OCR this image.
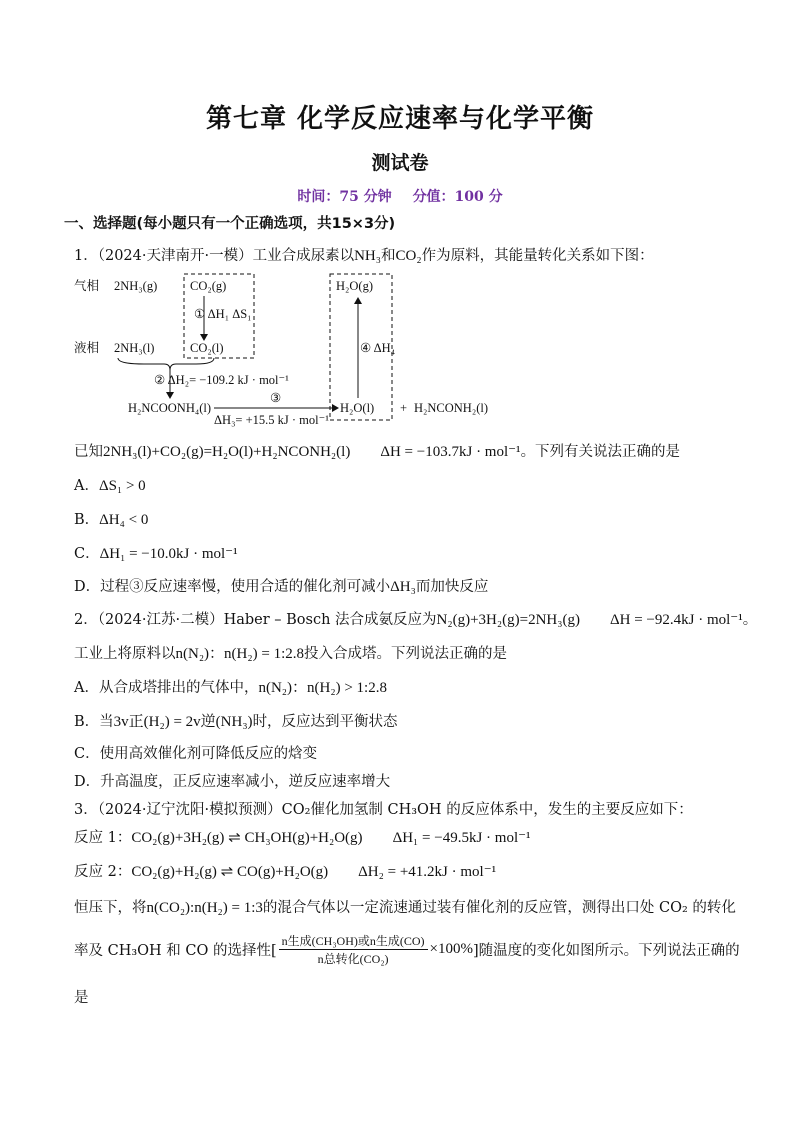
第七章 化学反应速率与化学平衡
测试卷
时间：75 分钟 分值：100 分
一、选择题(每小题只有一个正确选项，共15×3分)
1．（2024·天津南开·一模）工业合成尿素以NH₃和CO₂作为原料，其能量转化关系如下图：
气相
液相
2NH₃(g)
2NH₃(l)
CO₂(g)
CO₂(l)
① ΔH₁ ΔS₁
② ΔH₂= −109.2 kJ · mol⁻¹
H₂NCOONH₄(l)
③
ΔH₃= +15.5 kJ · mol⁻¹
H₂O(g)
H₂O(l)
④ ΔH₄
+ H₂NCONH₂(l)
已知2NH₃(l)+CO₂(g)=H₂O(l)+H₂NCONH₂(l) ΔH = −103.7kJ · mol⁻¹。下列有关说法正确的是
A．ΔS₁ > 0
B．ΔH₄ < 0
C．ΔH₁ = −10.0kJ · mol⁻¹
D．过程③反应速率慢，使用合适的催化剂可减小ΔH₃而加快反应
2．（2024·江苏·二模）Haber – Bosch 法合成氨反应为N₂(g)+3H₂(g)=2NH₃(g) ΔH = −92.4kJ · mol⁻¹。
工业上将原料以n(N₂)：n(H₂) = 1:2.8投入合成塔。下列说法正确的是
A．从合成塔排出的气体中，n(N₂)：n(H₂) > 1:2.8
B．当3v正(H₂) = 2v逆(NH₃)时，反应达到平衡状态
C．使用高效催化剂可降低反应的焓变
D．升高温度，正反应速率减小，逆反应速率增大
3．（2024·辽宁沈阳·模拟预测）CO₂催化加氢制 CH₃OH 的反应体系中，发生的主要反应如下：
反应 1：CO₂(g)+3H₂(g) ⇌ CH₃OH(g)+H₂O(g) ΔH₁ = −49.5kJ · mol⁻¹
反应 2：CO₂(g)+H₂(g) ⇌ CO(g)+H₂O(g) ΔH₂ = +41.2kJ · mol⁻¹
恒压下，将n(CO₂):n(H₂) = 1:3的混合气体以一定流速通过装有催化剂的反应管，测得出口处 CO₂ 的转化
率及 CH₃OH 和 CO 的选择性[
n生成(CH₃OH)或n生成(CO)
n总转化(CO₂)
×100% ]随温度的变化如图所示。下列说法正确的
是
